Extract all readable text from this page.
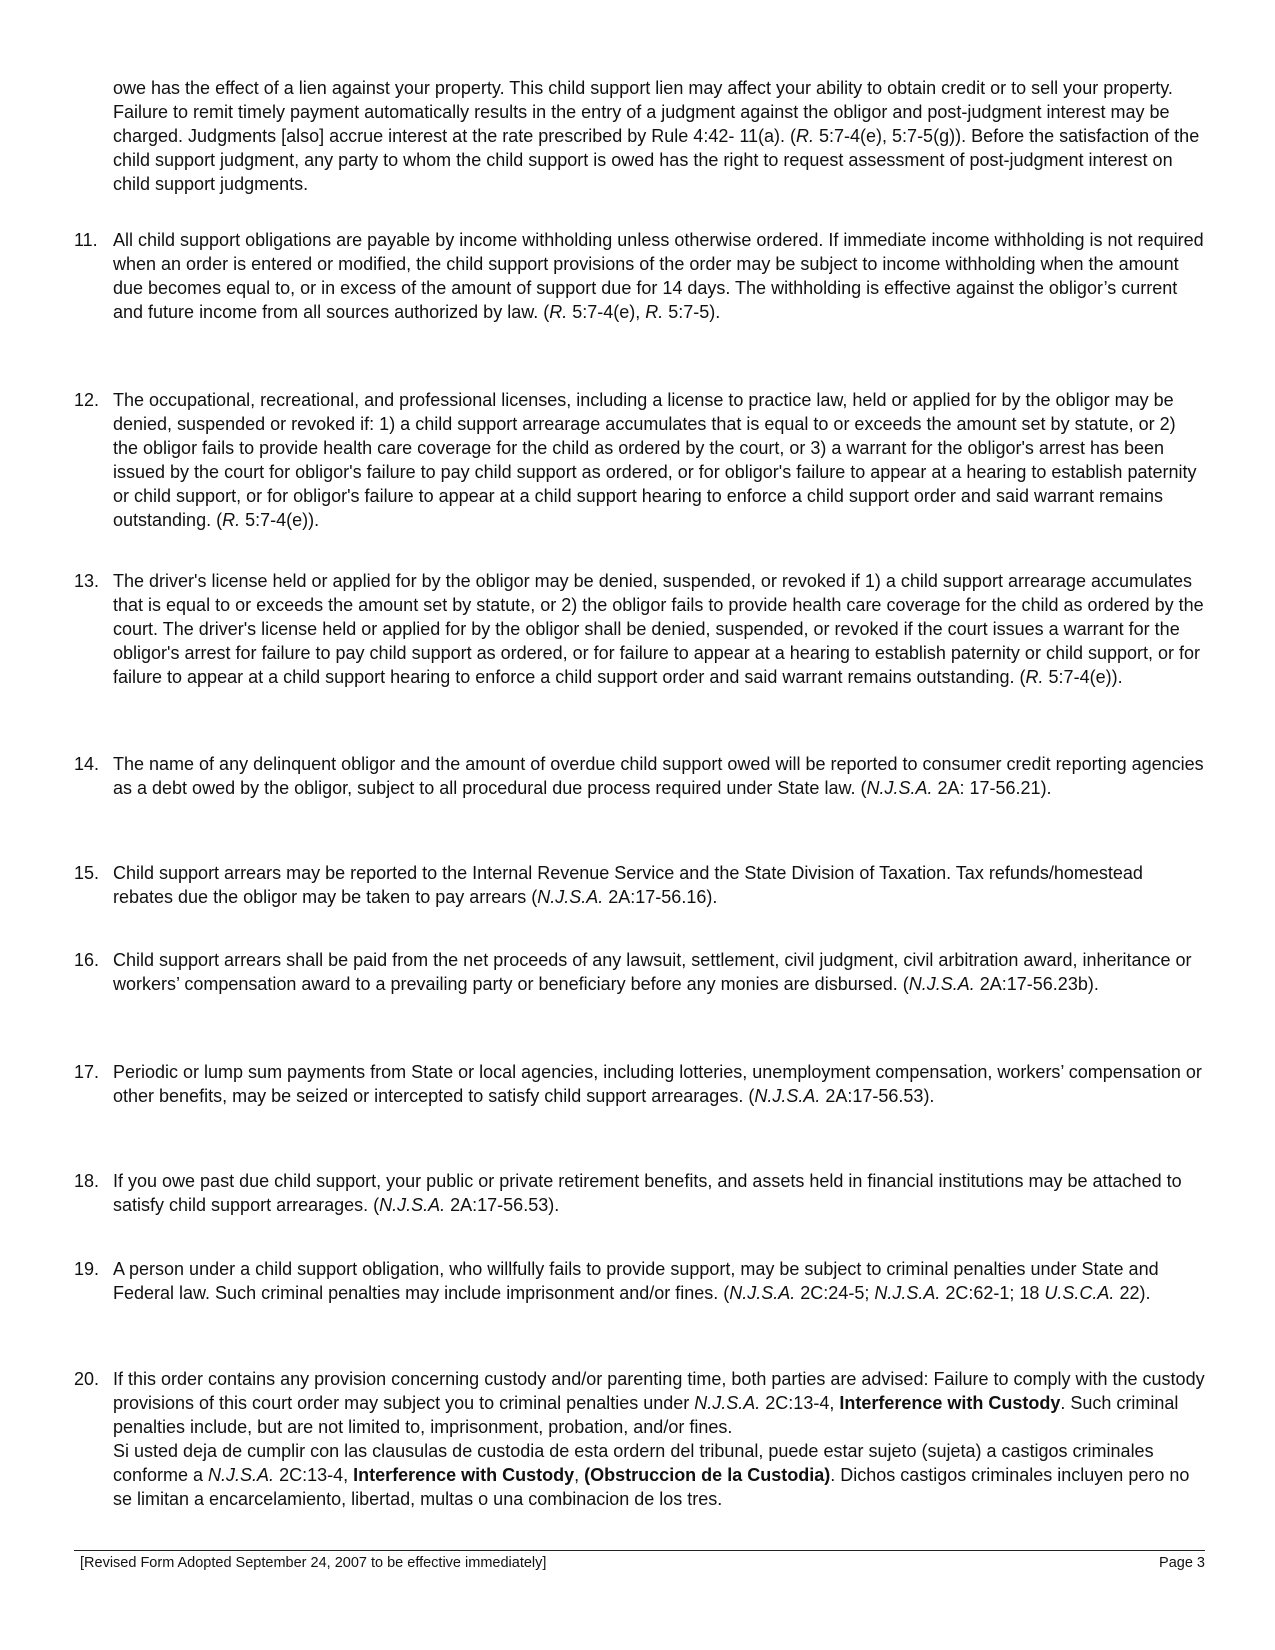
owe has the effect of a lien against your property. This child support lien may affect your ability to obtain credit or to sell your property. Failure to remit timely payment automatically results in the entry of a judgment against the obligor and post-judgment interest may be charged. Judgments [also] accrue interest at the rate prescribed by Rule 4:42- 11(a). (R. 5:7-4(e), 5:7-5(g)). Before the satisfaction of the child support judgment, any party to whom the child support is owed has the right to request assessment of post-judgment interest on child support judgments.
11. All child support obligations are payable by income withholding unless otherwise ordered. If immediate income withholding is not required when an order is entered or modified, the child support provisions of the order may be subject to income withholding when the amount due becomes equal to, or in excess of the amount of support due for 14 days. The withholding is effective against the obligor’s current and future income from all sources authorized by law. (R. 5:7-4(e), R. 5:7-5).
12. The occupational, recreational, and professional licenses, including a license to practice law, held or applied for by the obligor may be denied, suspended or revoked if: 1) a child support arrearage accumulates that is equal to or exceeds the amount set by statute, or 2) the obligor fails to provide health care coverage for the child as ordered by the court, or 3) a warrant for the obligor's arrest has been issued by the court for obligor's failure to pay child support as ordered, or for obligor's failure to appear at a hearing to establish paternity or child support, or for obligor's failure to appear at a child support hearing to enforce a child support order and said warrant remains outstanding. (R. 5:7-4(e)).
13. The driver's license held or applied for by the obligor may be denied, suspended, or revoked if 1) a child support arrearage accumulates that is equal to or exceeds the amount set by statute, or 2) the obligor fails to provide health care coverage for the child as ordered by the court. The driver's license held or applied for by the obligor shall be denied, suspended, or revoked if the court issues a warrant for the obligor's arrest for failure to pay child support as ordered, or for failure to appear at a hearing to establish paternity or child support, or for failure to appear at a child support hearing to enforce a child support order and said warrant remains outstanding. (R. 5:7-4(e)).
14. The name of any delinquent obligor and the amount of overdue child support owed will be reported to consumer credit reporting agencies as a debt owed by the obligor, subject to all procedural due process required under State law. (N.J.S.A. 2A: 17-56.21).
15. Child support arrears may be reported to the Internal Revenue Service and the State Division of Taxation. Tax refunds/homestead rebates due the obligor may be taken to pay arrears (N.J.S.A. 2A:17-56.16).
16. Child support arrears shall be paid from the net proceeds of any lawsuit, settlement, civil judgment, civil arbitration award, inheritance or workers’ compensation award to a prevailing party or beneficiary before any monies are disbursed. (N.J.S.A. 2A:17-56.23b).
17. Periodic or lump sum payments from State or local agencies, including lotteries, unemployment compensation, workers’ compensation or other benefits, may be seized or intercepted to satisfy child support arrearages. (N.J.S.A. 2A:17-56.53).
18. If you owe past due child support, your public or private retirement benefits, and assets held in financial institutions may be attached to satisfy child support arrearages. (N.J.S.A. 2A:17-56.53).
19. A person under a child support obligation, who willfully fails to provide support, may be subject to criminal penalties under State and Federal law. Such criminal penalties may include imprisonment and/or fines. (N.J.S.A. 2C:24-5; N.J.S.A. 2C:62-1; 18 U.S.C.A. 22).
20. If this order contains any provision concerning custody and/or parenting time, both parties are advised: Failure to comply with the custody provisions of this court order may subject you to criminal penalties under N.J.S.A. 2C:13-4, Interference with Custody. Such criminal penalties include, but are not limited to, imprisonment, probation, and/or fines.
Si usted deja de cumplir con las clausulas de custodia de esta ordern del tribunal, puede estar sujeto (sujeta) a castigos criminales conforme a N.J.S.A. 2C:13-4, Interference with Custody, (Obstruccion de la Custodia). Dichos castigos criminales incluyen pero no se limitan a encarcelamiento, libertad, multas o una combinacion de los tres.
[Revised Form Adopted September 24, 2007 to be effective immediately]	Page 3
